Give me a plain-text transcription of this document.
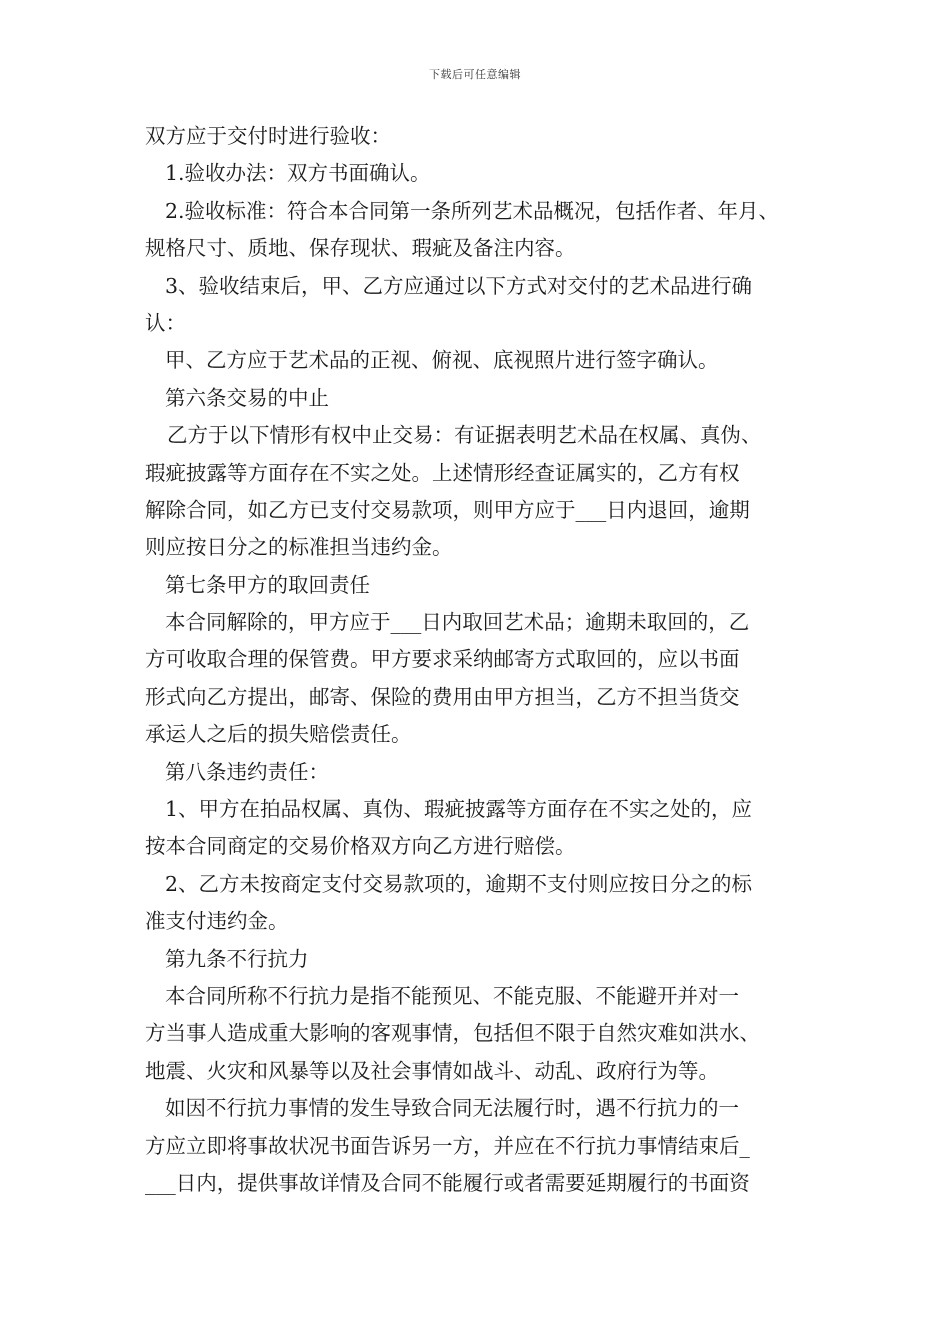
下载后可任意编辑
双方应于交付时进行验收：
1.验收办法：双方书面确认。
2.验收标准：符合本合同第一条所列艺术品概况，包括作者、年月、
规格尺寸、质地、保存现状、瑕疵及备注内容。
3、验收结束后，甲、乙方应通过以下方式对交付的艺术品进行确
认：
甲、乙方应于艺术品的正视、俯视、底视照片进行签字确认。
第六条交易的中止
乙方于以下情形有权中止交易：有证据表明艺术品在权属、真伪、
瑕疵披露等方面存在不实之处。上述情形经查证属实的，乙方有权
解除合同，如乙方已支付交易款项，则甲方应于___日内退回，逾期
则应按日分之的标准担当违约金。
第七条甲方的取回责任
本合同解除的，甲方应于___日内取回艺术品；逾期未取回的，乙
方可收取合理的保管费。甲方要求采纳邮寄方式取回的，应以书面
形式向乙方提出，邮寄、保险的费用由甲方担当，乙方不担当货交
承运人之后的损失赔偿责任。
第八条违约责任：
1、甲方在拍品权属、真伪、瑕疵披露等方面存在不实之处的，应
按本合同商定的交易价格双方向乙方进行赔偿。
2、乙方未按商定支付交易款项的，逾期不支付则应按日分之的标
准支付违约金。
第九条不行抗力
本合同所称不行抗力是指不能预见、不能克服、不能避开并对一
方当事人造成重大影响的客观事情，包括但不限于自然灾难如洪水、
地震、火灾和风暴等以及社会事情如战斗、动乱、政府行为等。
如因不行抗力事情的发生导致合同无法履行时，遇不行抗力的一
方应立即将事故状况书面告诉另一方，并应在不行抗力事情结束后_
___日内，提供事故详情及合同不能履行或者需要延期履行的书面资
